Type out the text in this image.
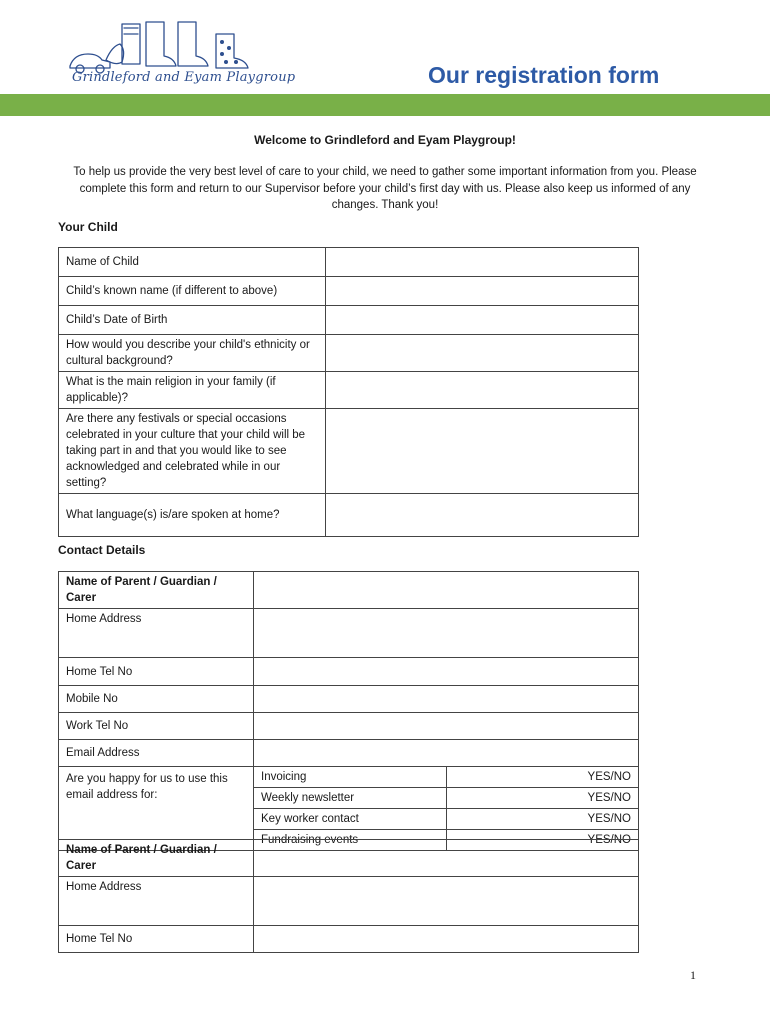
Grindleford and Eyam Playgroup	Our registration form
Welcome to Grindleford and Eyam Playgroup!
To help us provide the very best level of care to your child, we need to gather some important information from you. Please complete this form and return to our Supervisor before your child’s first day with us. Please also keep us informed of any changes. Thank you!
Your Child
Name of Child	
Child’s known name (if different to above)	
Child’s Date of Birth	
How would you describe your child's ethnicity or cultural background?	
What is the main religion in your family (if applicable)?	
Are there any festivals or special occasions celebrated in your culture that your child will be taking part in and that you would like to see acknowledged and celebrated while in our setting?	
What language(s) is/are spoken at home?	
Contact Details
Name of Parent / Guardian / Carer	
Home Address	
Home Tel No	
Mobile No	
Work Tel No	
Email Address	
Are you happy for us to use this email address for:	
Invoicing	YES/NO
Weekly newsletter	YES/NO
Key worker contact	YES/NO
Fundraising events	YES/NO
Name of Parent / Guardian / Carer	
Home Address	
Home Tel No	
1
